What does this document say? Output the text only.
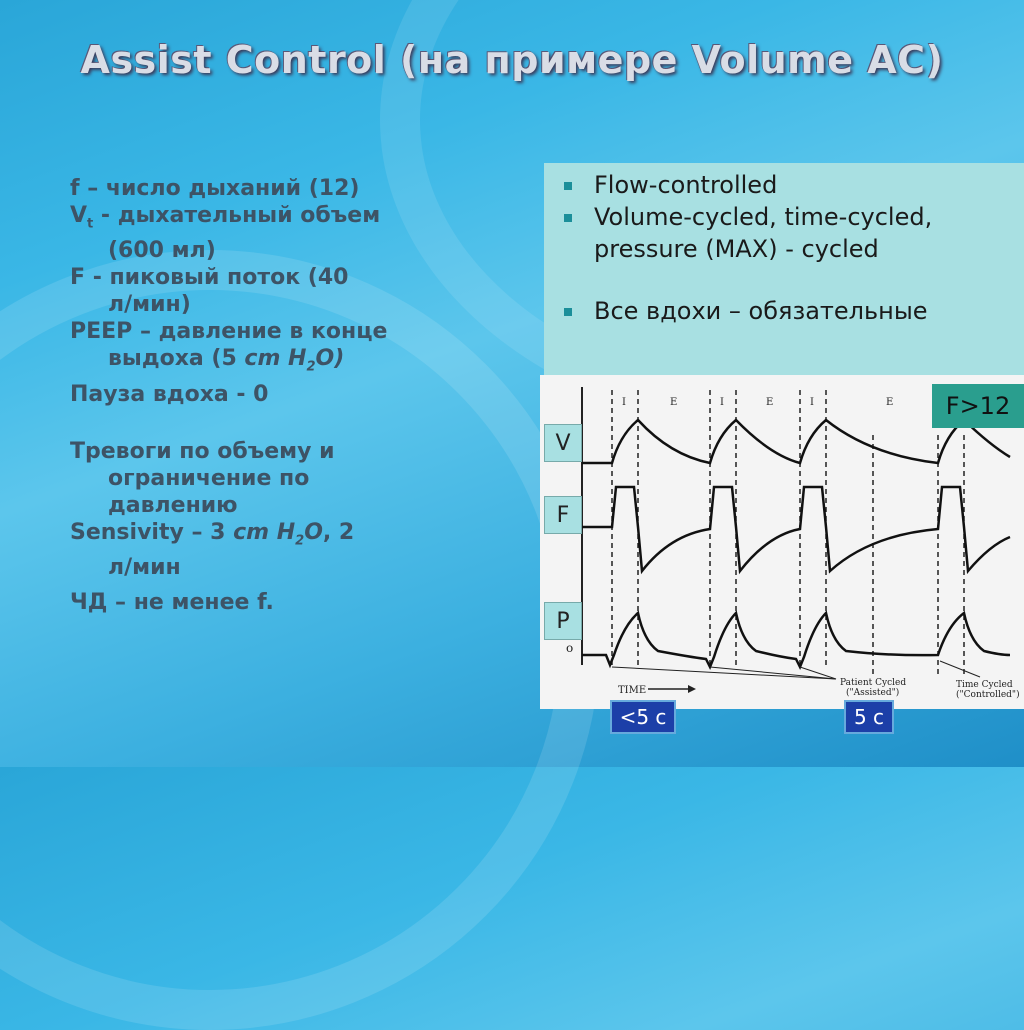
Assist Control (на примере Volume AC)
f – число дыханий (12)
$V_t$ - дыхательный объем
(600 мл)
F - пиковый поток (40
л/мин)
PEEP – давление в конце
выдоха (5 cm $H_2O$)
Пауза вдоха - 0
Тревоги по объему и
ограничение по
давлению
Sensivity – 3 cm $H_2O$, 2
л/мин
ЧД – не менее f.
Flow-controlled
Volume-cycled, time-cycled, pressure (MAX) - cycled
Все вдохи – обязательные
I	E	I	E	I	E
o
TIME
Patient Cycled
("Assisted")
Time Cycled
("Controlled")
V
F
P
F>12
<5 с	5 с
